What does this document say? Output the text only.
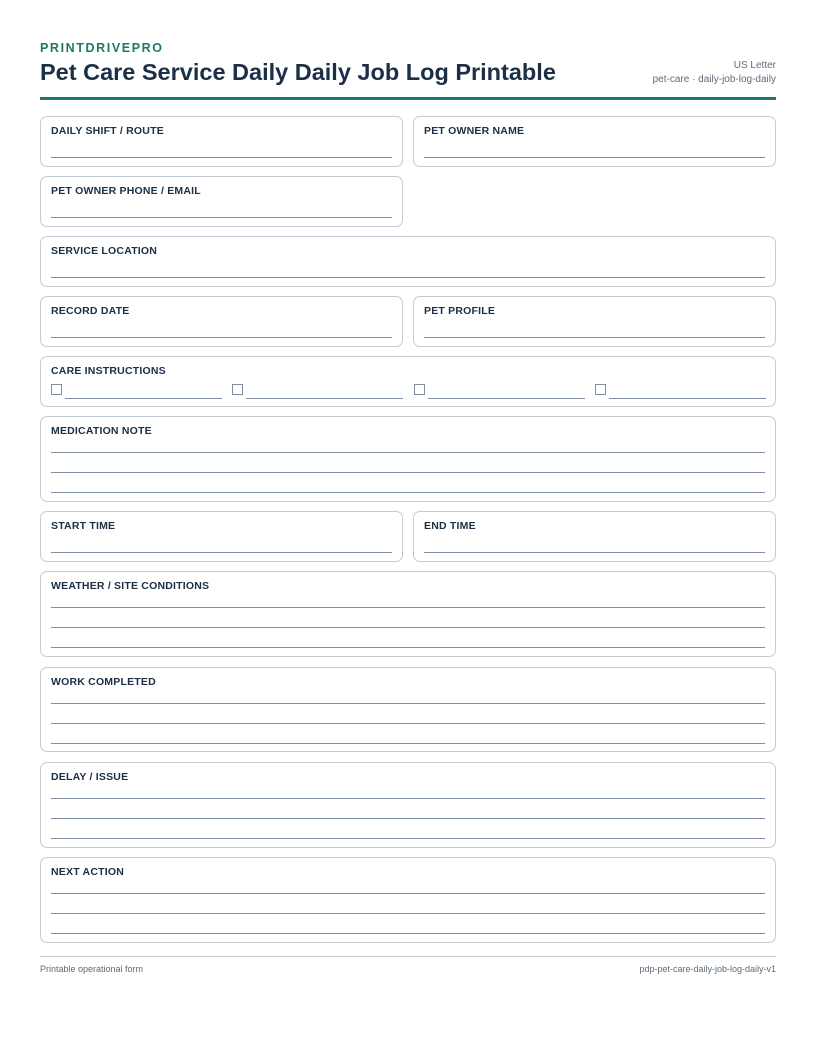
PRINTDRIVEPRO
Pet Care Service Daily Daily Job Log Printable	US Letter
pet-care · daily-job-log-daily
DAILY SHIFT / ROUTE	PET OWNER NAME
PET OWNER PHONE / EMAIL
SERVICE LOCATION
RECORD DATE	PET PROFILE
CARE INSTRUCTIONS
MEDICATION NOTE
START TIME	END TIME
WEATHER / SITE CONDITIONS
WORK COMPLETED
DELAY / ISSUE
NEXT ACTION
Printable operational form	pdp-pet-care-daily-job-log-daily-v1
